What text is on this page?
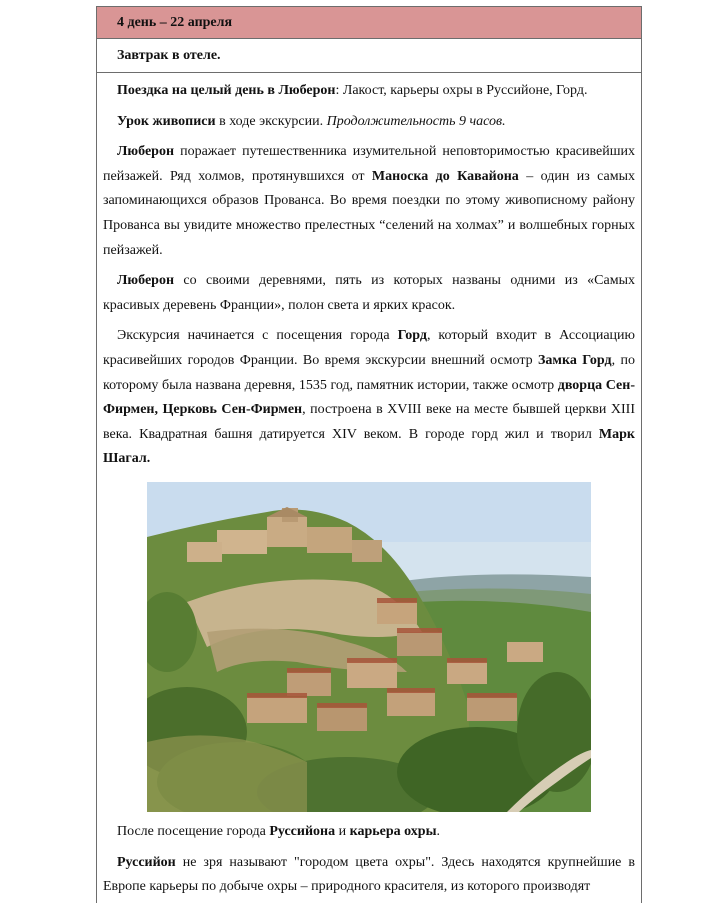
4 день – 22 апреля
Завтрак в отеле.

Поездка на целый день в Люберон: Лакост, карьеры охры в Руссийоне, Горд.

Урок живописи в ходе экскурсии. Продолжительность 9 часов.

Люберон поражает путешественника изумительной неповторимостью красивейших пейзажей. Ряд холмов, протянувшихся от Маноска до Кавайона – один из самых запоминающихся образов Прованса. Во время поездки по этому живописному району Прованса вы увидите множество прелестных “селений на холмах” и волшебных горных пейзажей.

Люберон со своими деревнями, пять из которых названы одними из «Самых красивых деревень Франции», полон света и ярких красок.

Экскурсия начинается с посещения города Горд, который входит в Ассоциацию красивейших городов Франции. Во время экскурсии внешний осмотр Замка Горд, по которому была названа деревня, 1535 год, памятник истории, также осмотр дворца Сен-Фирмен, Церковь Сен-Фирмен, построена в XVIII веке на месте бывшей церкви XIII века. Квадратная башня датируется XIV веком. В городе горд жил и творил Марк Шагал.

После посещение города Руссийона и карьера охры.

Руссийон не зря называют "городом цвета охры". Здесь находятся крупнейшие в Европе карьеры по добыче охры – природного красителя, из которого производят
